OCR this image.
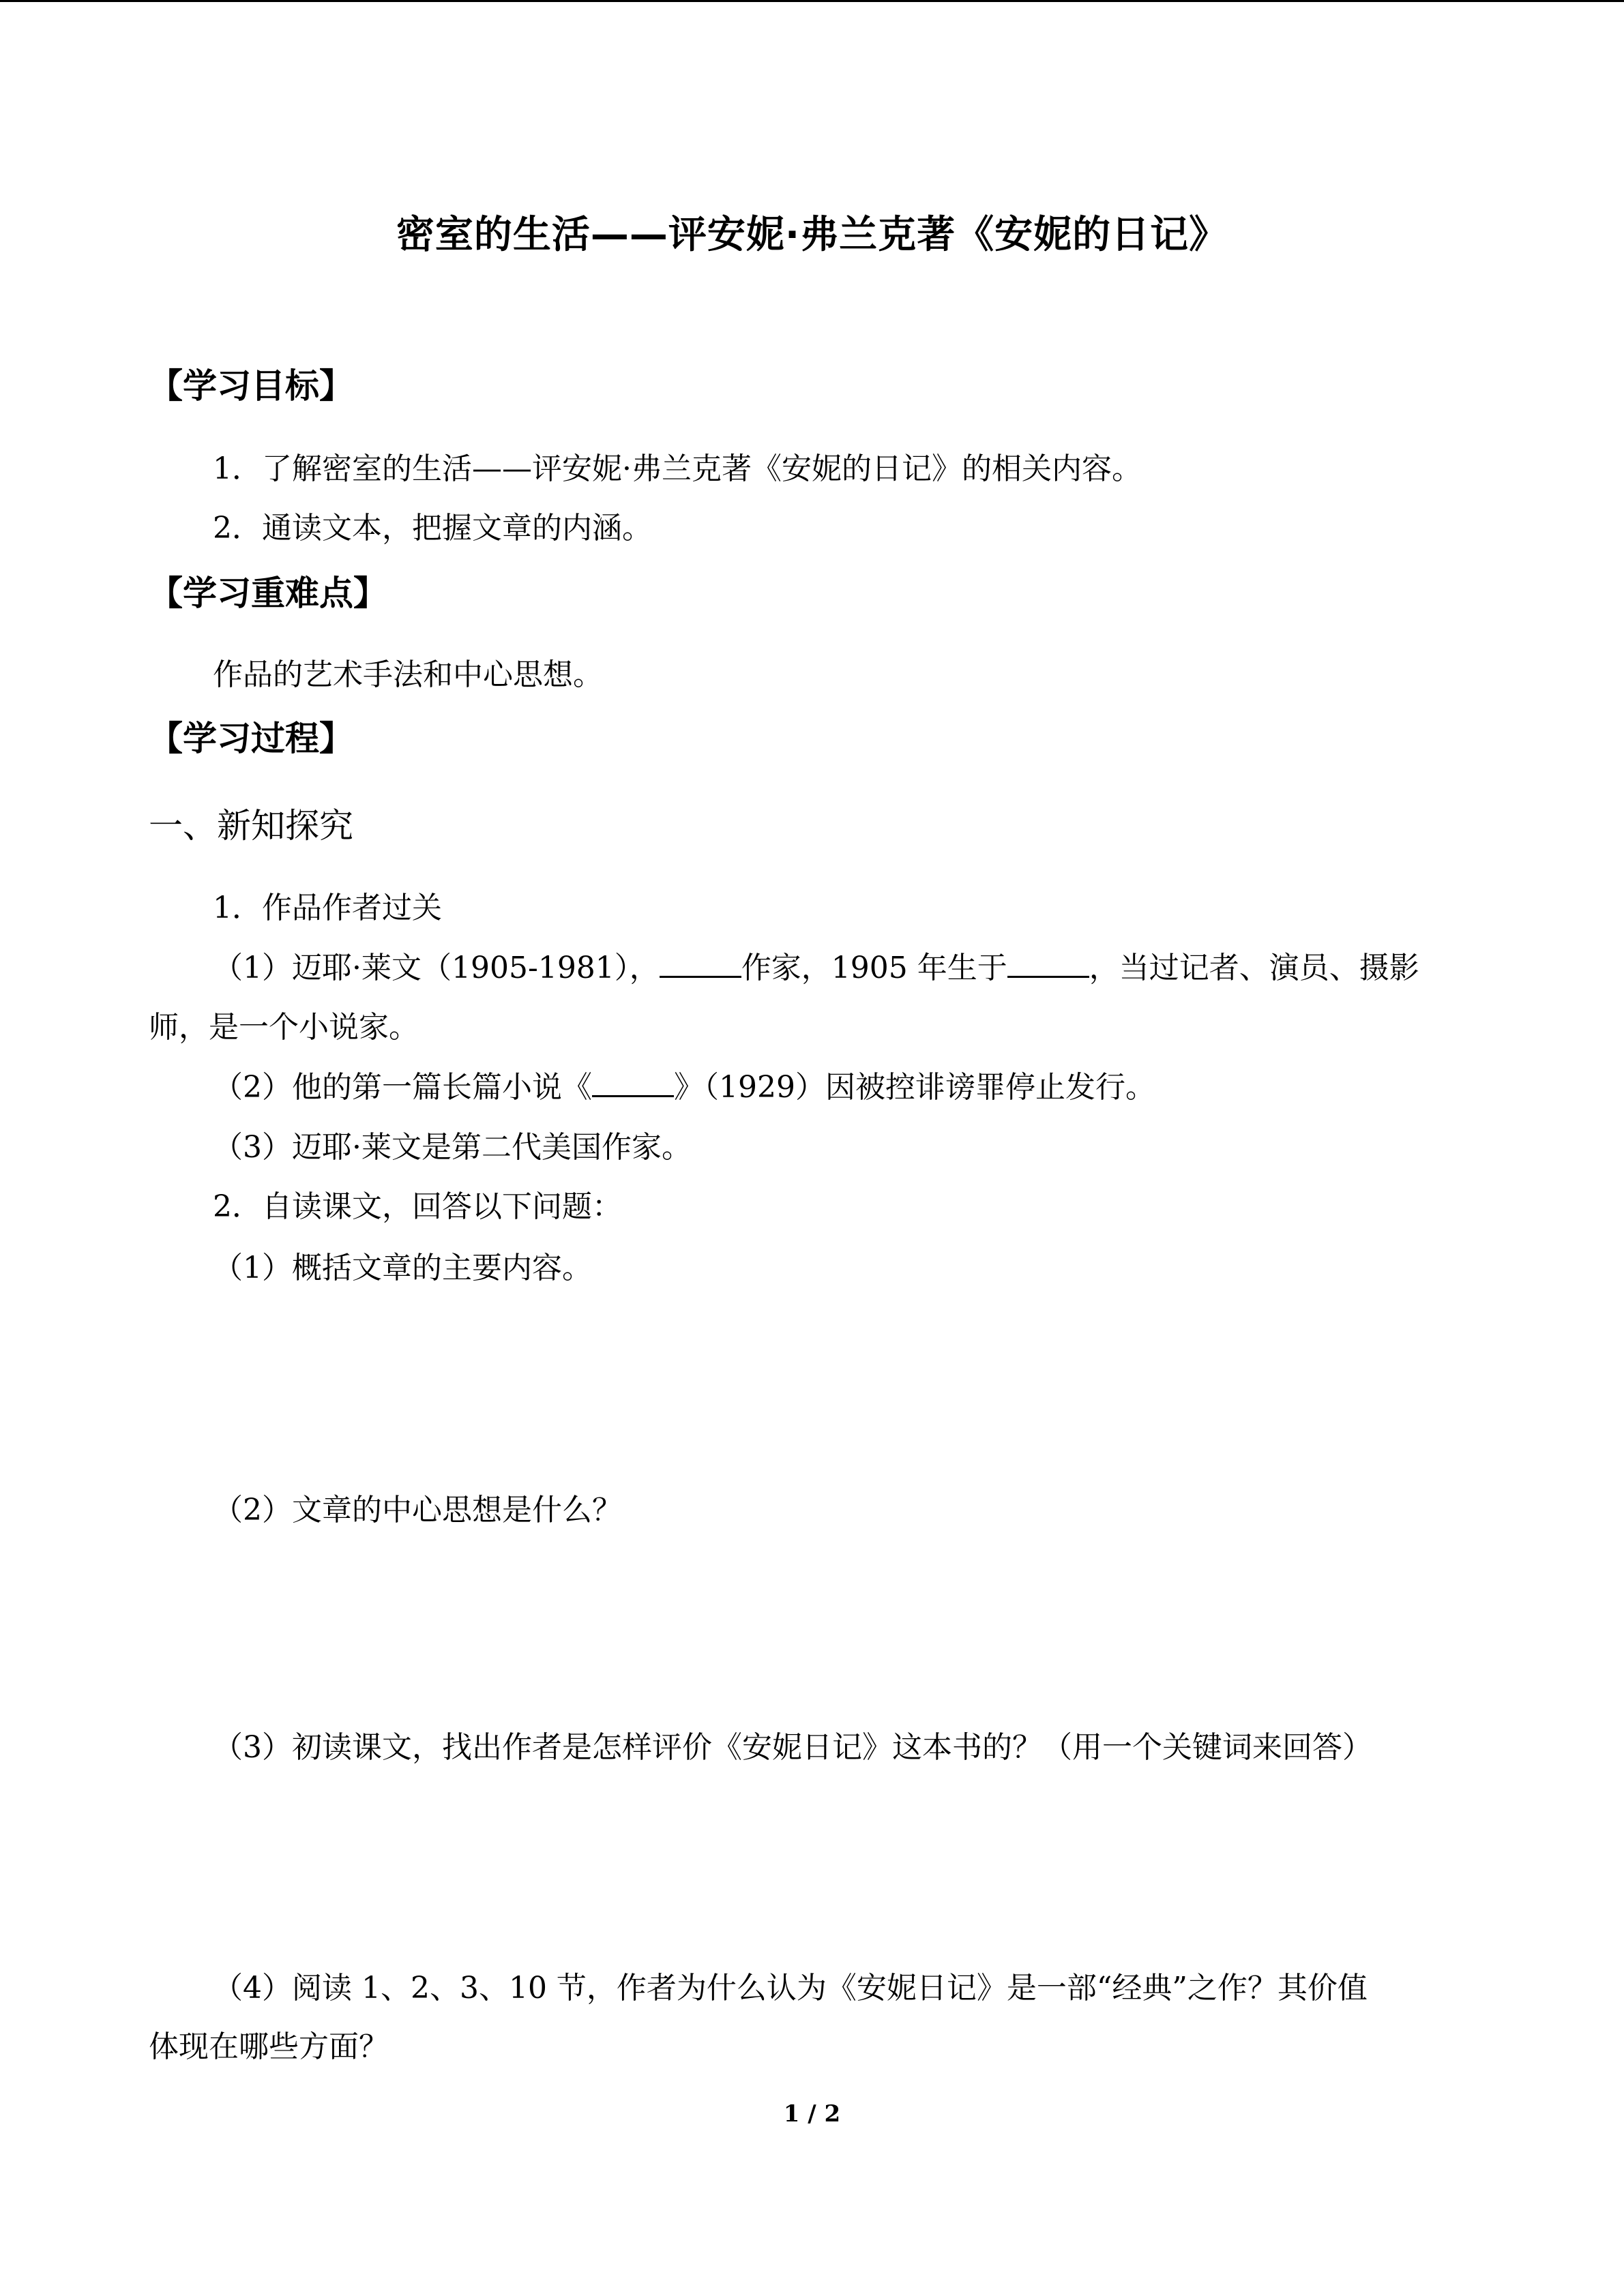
密室的生活——评安妮·弗兰克著《安妮的日记》
【学习目标】
1．了解密室的生活——评安妮·弗兰克著《安妮的日记》的相关内容。
2．通读文本，把握文章的内涵。
【学习重难点】
作品的艺术手法和中心思想。
【学习过程】
一、新知探究
1．作品作者过关
（1）迈耶·莱文（1905-1981），	作家，1905 年生于	，当过记者、演员、摄影
师，是一个小说家。
（2）他的第一篇长篇小说《	》（1929）因被控诽谤罪停止发行。
（3）迈耶·莱文是第二代美国作家。
2．自读课文，回答以下问题：
（1）概括文章的主要内容。
（2）文章的中心思想是什么？
（3）初读课文，找出作者是怎样评价《安妮日记》这本书的？（用一个关键词来回答）
（4）阅读 1、2、3、10 节，作者为什么认为《安妮日记》是一部“经典”之作？其价值
体现在哪些方面？
1 / 2
